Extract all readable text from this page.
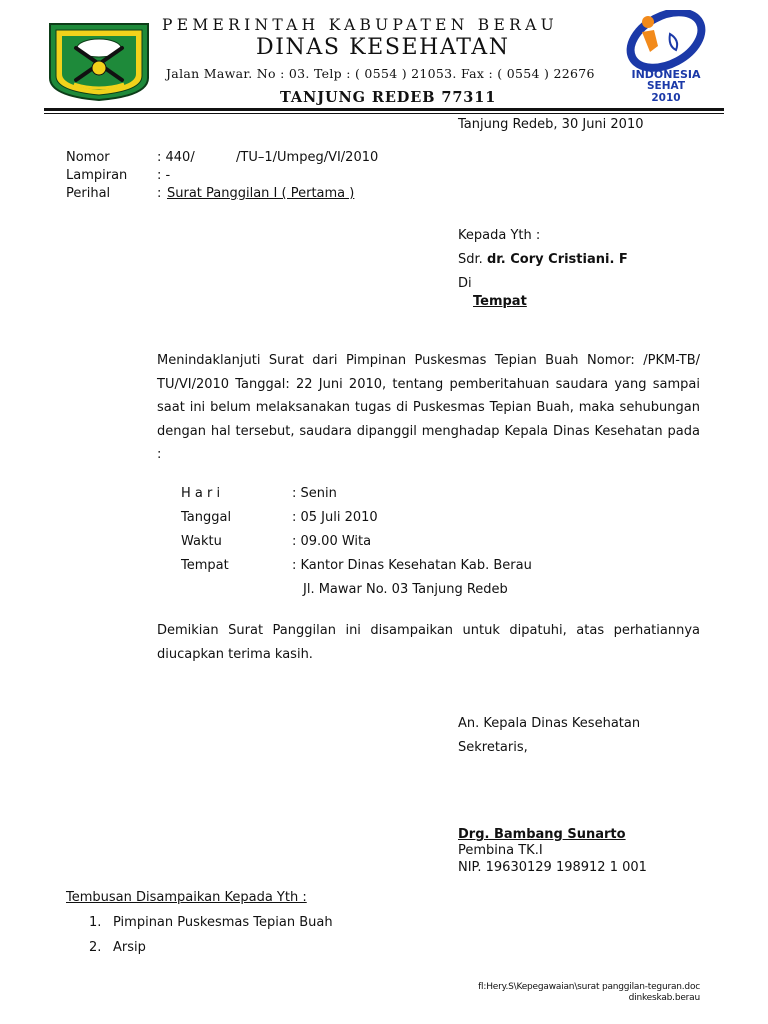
PEMERINTAH KABUPATEN BERAU
DINAS KESEHATAN
Jalan Mawar. No : 03. Telp : ( 0554 ) 21053. Fax : ( 0554 ) 22676
TANJUNG REDEB 77311
INDONESIA
SEHAT
2010
Tanjung Redeb, 30 Juni 2010
Nomor	: 440/          /TU–1/Umpeg/VI/2010
Lampiran : -
Perihal	: Surat Panggilan I ( Pertama )
Kepada Yth :
Sdr. dr. Cory Cristiani. F
Di
Tempat
Menindaklanjuti Surat dari Pimpinan Puskesmas Tepian Buah Nomor: /PKM-TB/ TU/VI/2010 Tanggal: 22 Juni 2010, tentang pemberitahuan saudara yang sampai saat ini belum melaksanakan tugas di Puskesmas Tepian Buah, maka sehubungan dengan hal tersebut, saudara dipanggil menghadap Kepala Dinas Kesehatan pada :
H a r i	: Senin
Tanggal	: 05 Juli 2010
Waktu	: 09.00 Wita
Tempat	: Kantor Dinas Kesehatan Kab. Berau
Jl. Mawar No. 03 Tanjung Redeb
Demikian Surat Panggilan ini disampaikan untuk dipatuhi, atas perhatiannya diucapkan terima kasih.
An. Kepala Dinas Kesehatan
Sekretaris,
Drg. Bambang Sunarto
Pembina TK.I
NIP. 19630129 198912 1 001
Tembusan Disampaikan Kepada Yth :
1. Pimpinan Puskesmas Tepian Buah
2. Arsip
fl:Hery.S\Kepegawaian\surat panggilan-teguran.doc
dinkeskab.berau
